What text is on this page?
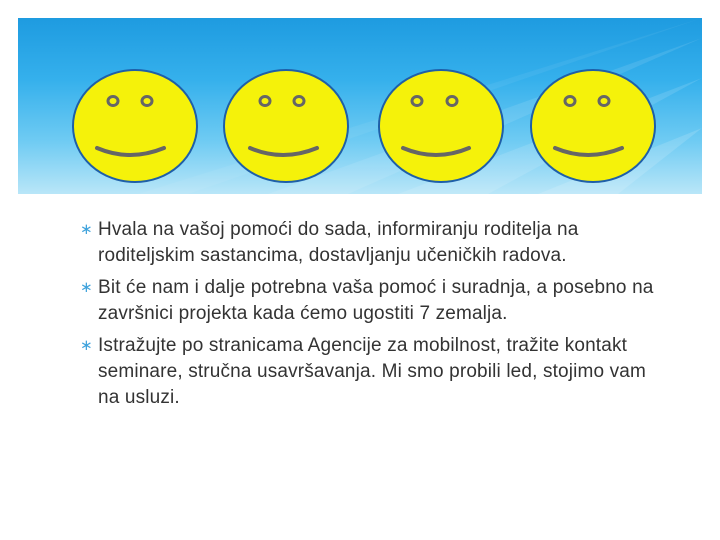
∗ Hvala na vašoj pomoći do sada, informiranju roditelja na roditeljskim sastancima, dostavljanju učeničkih radova.
∗ Bit će nam i dalje potrebna vaša pomoć i suradnja, a posebno na završnici projekta kada ćemo ugostiti 7 zemalja.
∗ Istražujte po stranicama Agencije za mobilnost, tražite kontakt seminare, stručna usavršavanja. Mi smo probili led, stojimo vam na usluzi.
